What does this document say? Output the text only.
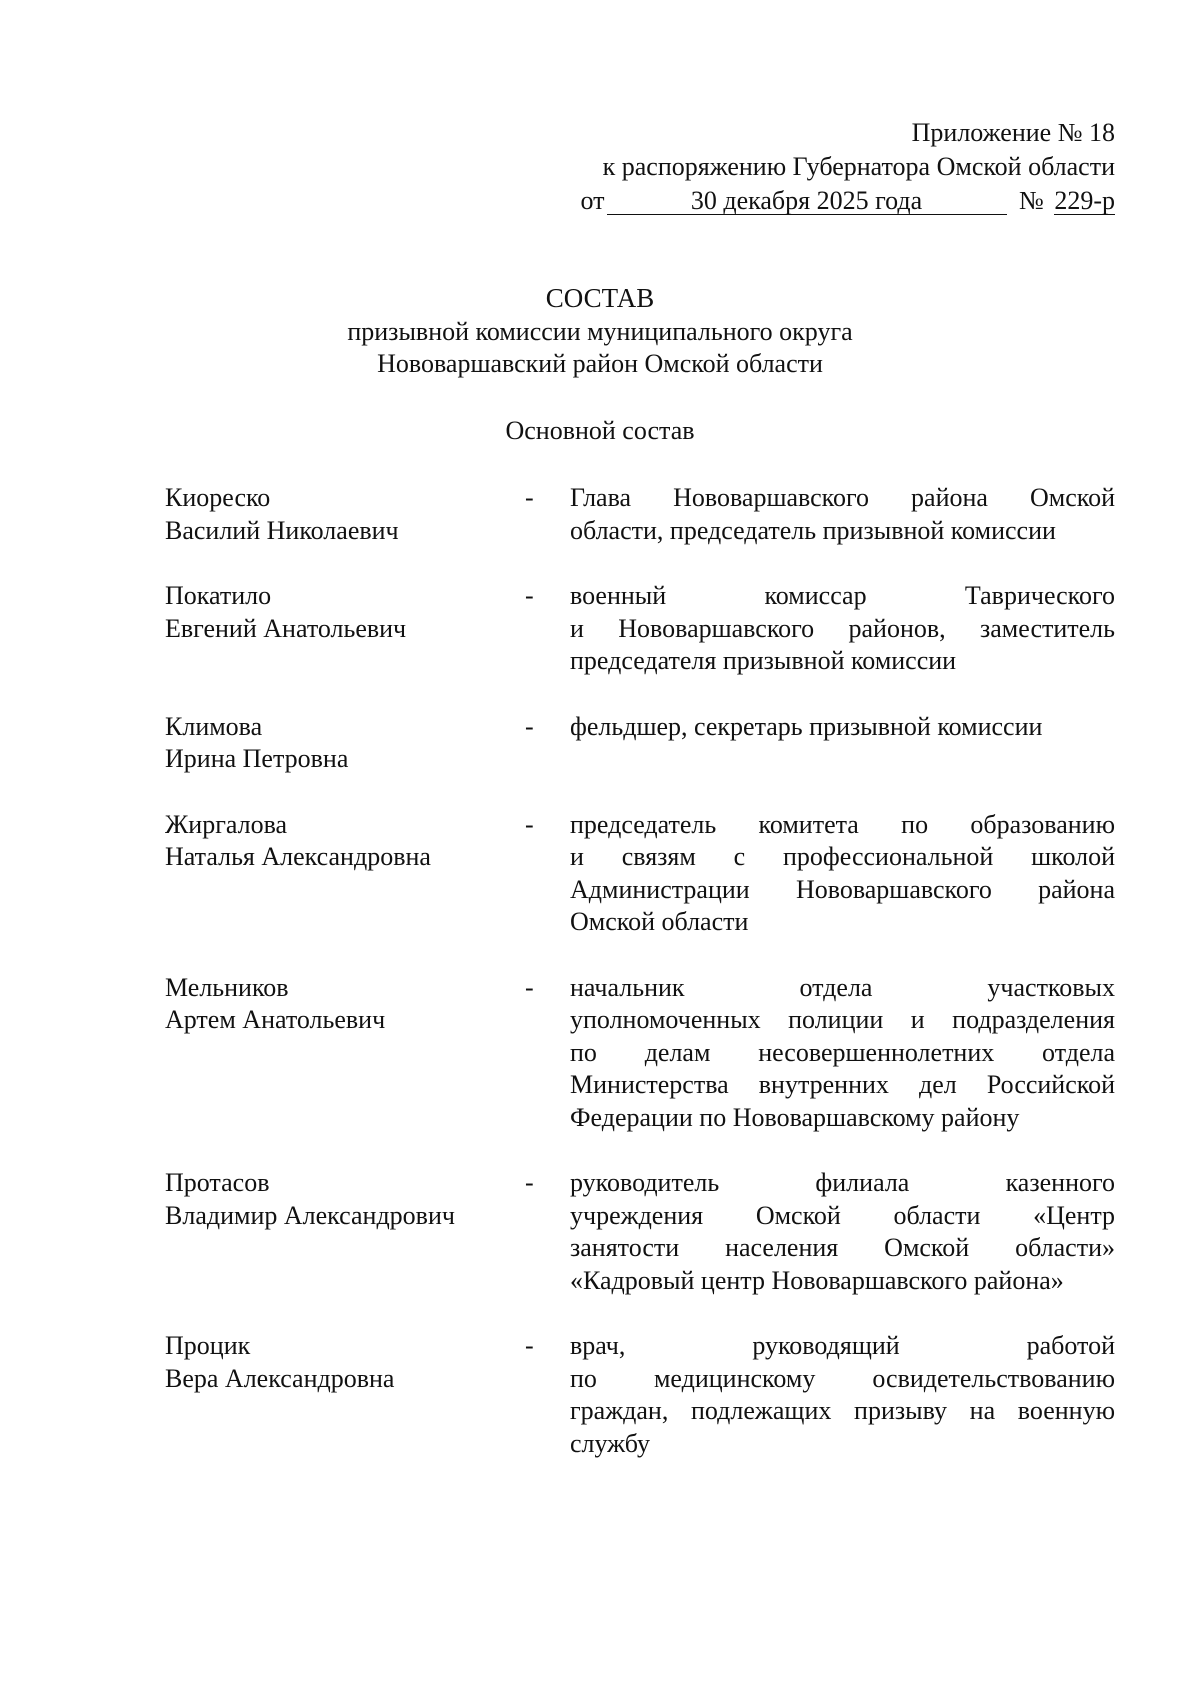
Приложение № 18
к распоряжению Губернатора Омской области
от	30 декабря 2025 года	№ 229-р
СОСТАВ
призывной комиссии муниципального округа
Нововаршавский район Омской области
Основной состав
Киореско
Василий Николаевич
-	Глава Нововаршавского района Омской
области, председатель призывной комиссии
Покатило
Евгений Анатольевич
-	военный комиссар Таврического
и Нововаршавского районов, заместитель
председателя призывной комиссии
Климова
Ирина Петровна
-	фельдшер, секретарь призывной комиссии
Жиргалова
Наталья Александровна
-	председатель комитета по образованию
и связям с профессиональной школой
Администрации Нововаршавского района
Омской области
Мельников
Артем Анатольевич
-	начальник отдела участковых
уполномоченных полиции и подразделения
по делам несовершеннолетних отдела
Министерства внутренних дел Российской
Федерации по Нововаршавскому району
Протасов
Владимир Александрович
-	руководитель филиала казенного
учреждения Омской области «Центр
занятости населения Омской области»
«Кадровый центр Нововаршавского района»
Процик
Вера Александровна
-	врач, руководящий работой
по медицинскому освидетельствованию
граждан, подлежащих призыву на военную
службу
